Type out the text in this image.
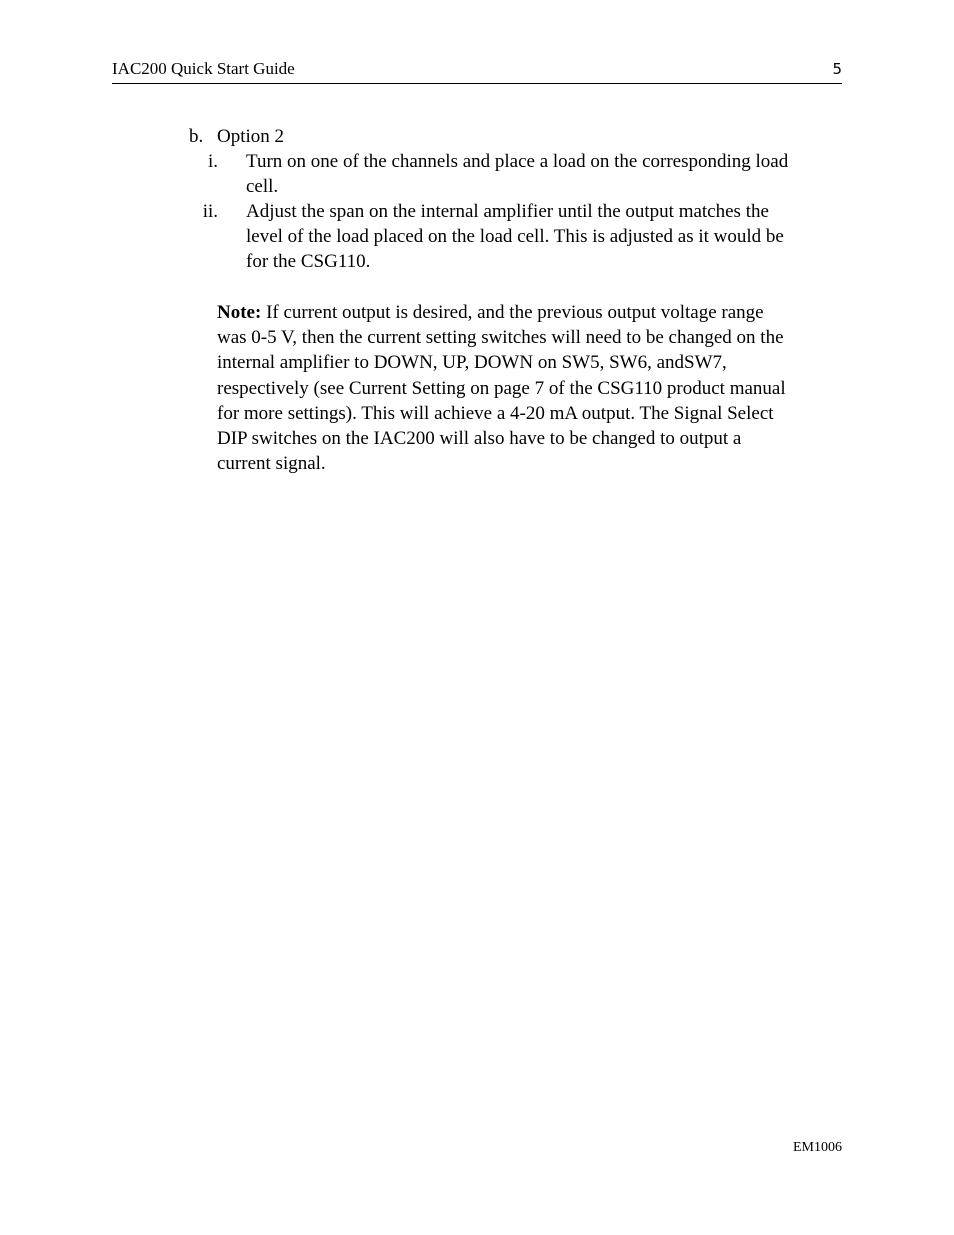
IAC200 Quick Start Guide	5
b. Option 2
i. Turn on one of the channels and place a load on the corresponding load
cell.
ii. Adjust the span on the internal amplifier until the output matches the
level of the load placed on the load cell. This is adjusted as it would be
for the CSG110.
Note: If current output is desired, and the previous output voltage range
was 0-5 V, then the current setting switches will need to be changed on the
internal amplifier to DOWN, UP, DOWN on SW5, SW6, andSW7,
respectively (see Current Setting on page 7 of the CSG110 product manual
for more settings). This will achieve a 4-20 mA output. The Signal Select
DIP switches on the IAC200 will also have to be changed to output a
current signal.
EM1006
